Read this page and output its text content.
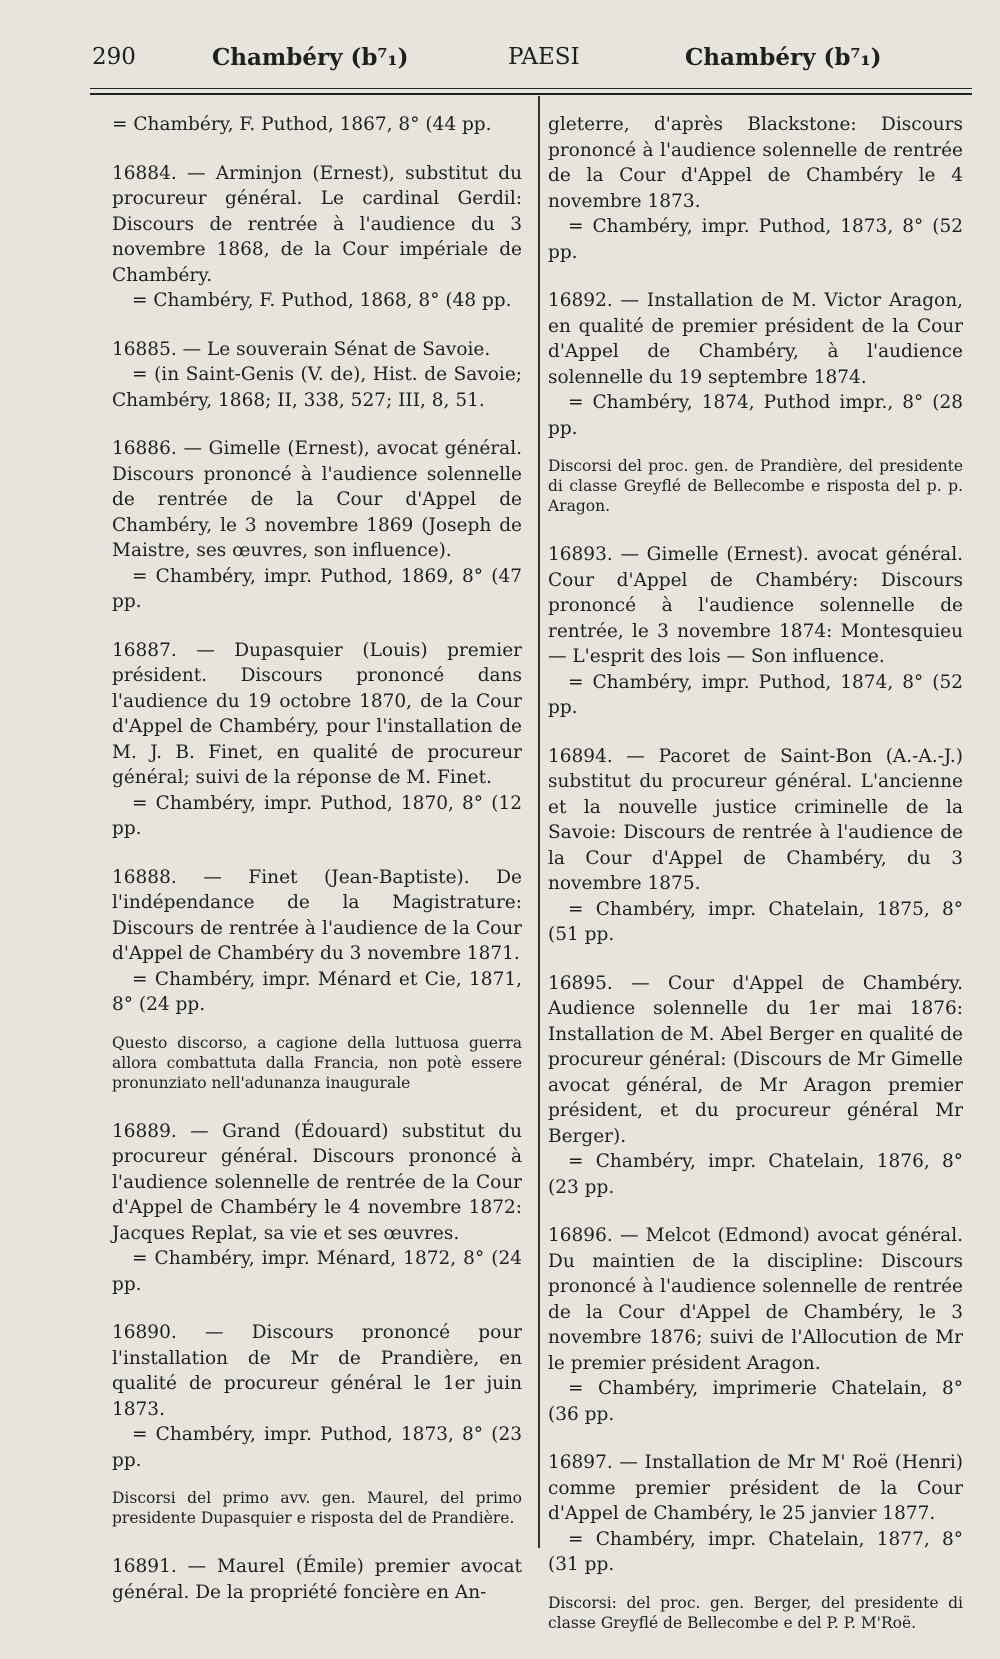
290	Chambéry (b⁷₁)	PAESI	Chambéry (b⁷₁)

= Chambéry, F. Puthod, 1867, 8° (44 pp.

16884. — Arminjon (Ernest), substitut du procureur général. Le cardinal Gerdil: Discours de rentrée à l'audience du 3 novembre 1868, de la Cour impériale de Chambéry.

= Chambéry, F. Puthod, 1868, 8° (48 pp.

16885. — Le souverain Sénat de Savoie.

= (in Saint-Genis (V. de), Hist. de Savoie; Chambéry, 1868; II, 338, 527; III, 8, 51.

16886. — Gimelle (Ernest), avocat général. Discours prononcé à l'audience solennelle de rentrée de la Cour d'Appel de Chambéry, le 3 novembre 1869 (Joseph de Maistre, ses œuvres, son influence).

= Chambéry, impr. Puthod, 1869, 8° (47 pp.

16887. — Dupasquier (Louis) premier président. Discours prononcé dans l'audience du 19 octobre 1870, de la Cour d'Appel de Chambéry, pour l'installation de M. J. B. Finet, en qualité de procureur général; suivi de la réponse de M. Finet.

= Chambéry, impr. Puthod, 1870, 8° (12 pp.

16888. — Finet (Jean-Baptiste). De l'indépendance de la Magistrature: Discours de rentrée à l'audience de la Cour d'Appel de Chambéry du 3 novembre 1871.

= Chambéry, impr. Ménard et Cie, 1871, 8° (24 pp.

Questo discorso, a cagione della luttuosa guerra allora combattuta dalla Francia, non potè essere pronunziato nell'adunanza inaugurale

16889. — Grand (Édouard) substitut du procureur général. Discours prononcé à l'audience solennelle de rentrée de la Cour d'Appel de Chambéry le 4 novembre 1872: Jacques Replat, sa vie et ses œuvres.

= Chambéry, impr. Ménard, 1872, 8° (24 pp.

16890. — Discours prononcé pour l'installation de Mr de Prandière, en qualité de procureur général le 1er juin 1873.

= Chambéry, impr. Puthod, 1873, 8° (23 pp.

Discorsi del primo avv. gen. Maurel, del primo presidente Dupasquier e risposta del de Prandière.

16891. — Maurel (Émile) premier avocat général. De la propriété foncière en An-

gleterre, d'après Blackstone: Discours prononcé à l'audience solennelle de rentrée de la Cour d'Appel de Chambéry le 4 novembre 1873.

= Chambéry, impr. Puthod, 1873, 8° (52 pp.

16892. — Installation de M. Victor Aragon, en qualité de premier président de la Cour d'Appel de Chambéry, à l'audience solennelle du 19 septembre 1874.

= Chambéry, 1874, Puthod impr., 8° (28 pp.

Discorsi del proc. gen. de Prandière, del presidente di classe Greyflé de Bellecombe e risposta del p. p. Aragon.

16893. — Gimelle (Ernest). avocat général. Cour d'Appel de Chambéry: Discours prononcé à l'audience solennelle de rentrée, le 3 novembre 1874: Montesquieu — L'esprit des lois — Son influence.

= Chambéry, impr. Puthod, 1874, 8° (52 pp.

16894. — Pacoret de Saint-Bon (A.-A.-J.) substitut du procureur général. L'ancienne et la nouvelle justice criminelle de la Savoie: Discours de rentrée à l'audience de la Cour d'Appel de Chambéry, du 3 novembre 1875.

= Chambéry, impr. Chatelain, 1875, 8° (51 pp.

16895. — Cour d'Appel de Chambéry. Audience solennelle du 1er mai 1876: Installation de M. Abel Berger en qualité de procureur général: (Discours de Mr Gimelle avocat général, de Mr Aragon premier président, et du procureur général Mr Berger).

= Chambéry, impr. Chatelain, 1876, 8° (23 pp.

16896. — Melcot (Edmond) avocat général. Du maintien de la discipline: Discours prononcé à l'audience solennelle de rentrée de la Cour d'Appel de Chambéry, le 3 novembre 1876; suivi de l'Allocution de Mr le premier président Aragon.

= Chambéry, imprimerie Chatelain, 8° (36 pp.

16897. — Installation de Mr M' Roë (Henri) comme premier président de la Cour d'Appel de Chambéry, le 25 janvier 1877.

= Chambéry, impr. Chatelain, 1877, 8° (31 pp.

Discorsi: del proc. gen. Berger, del presidente di classe Greyflé de Bellecombe e del P. P. M'Roë.
